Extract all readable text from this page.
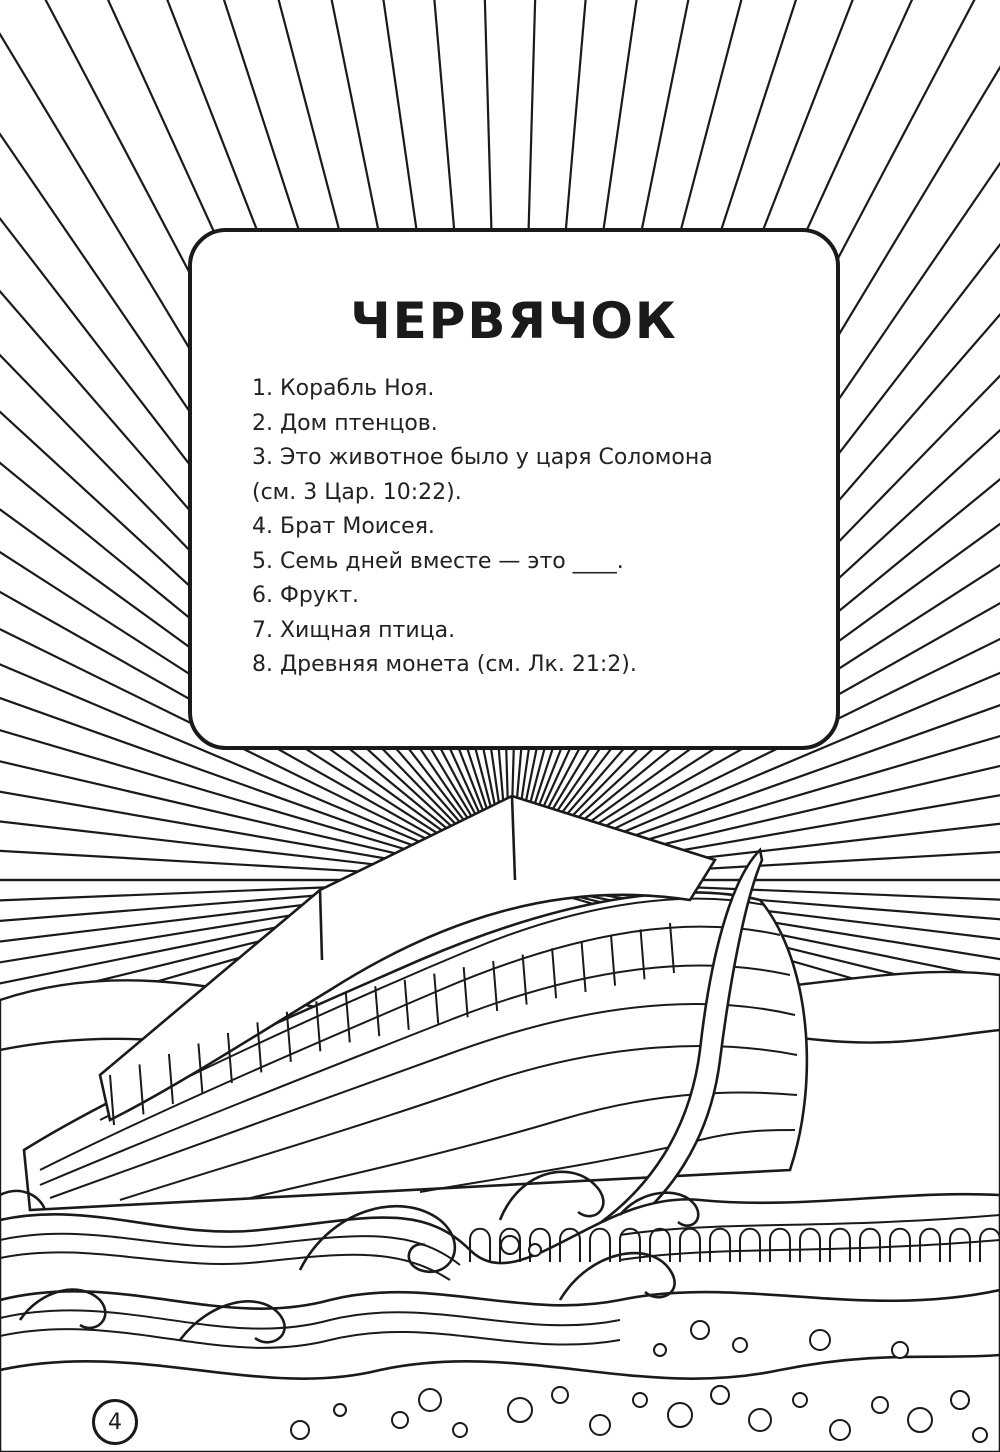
ЧЕРВЯЧОК
1. Корабль Ноя.
2. Дом птенцов.
3. Это животное было у царя Соломона
(см. 3 Цар. 10:22).
4. Брат Моисея.
5. Семь дней вместе — это ____.
6. Фрукт.
7. Хищная птица.
8. Древняя монета (см. Лк. 21:2).
4
